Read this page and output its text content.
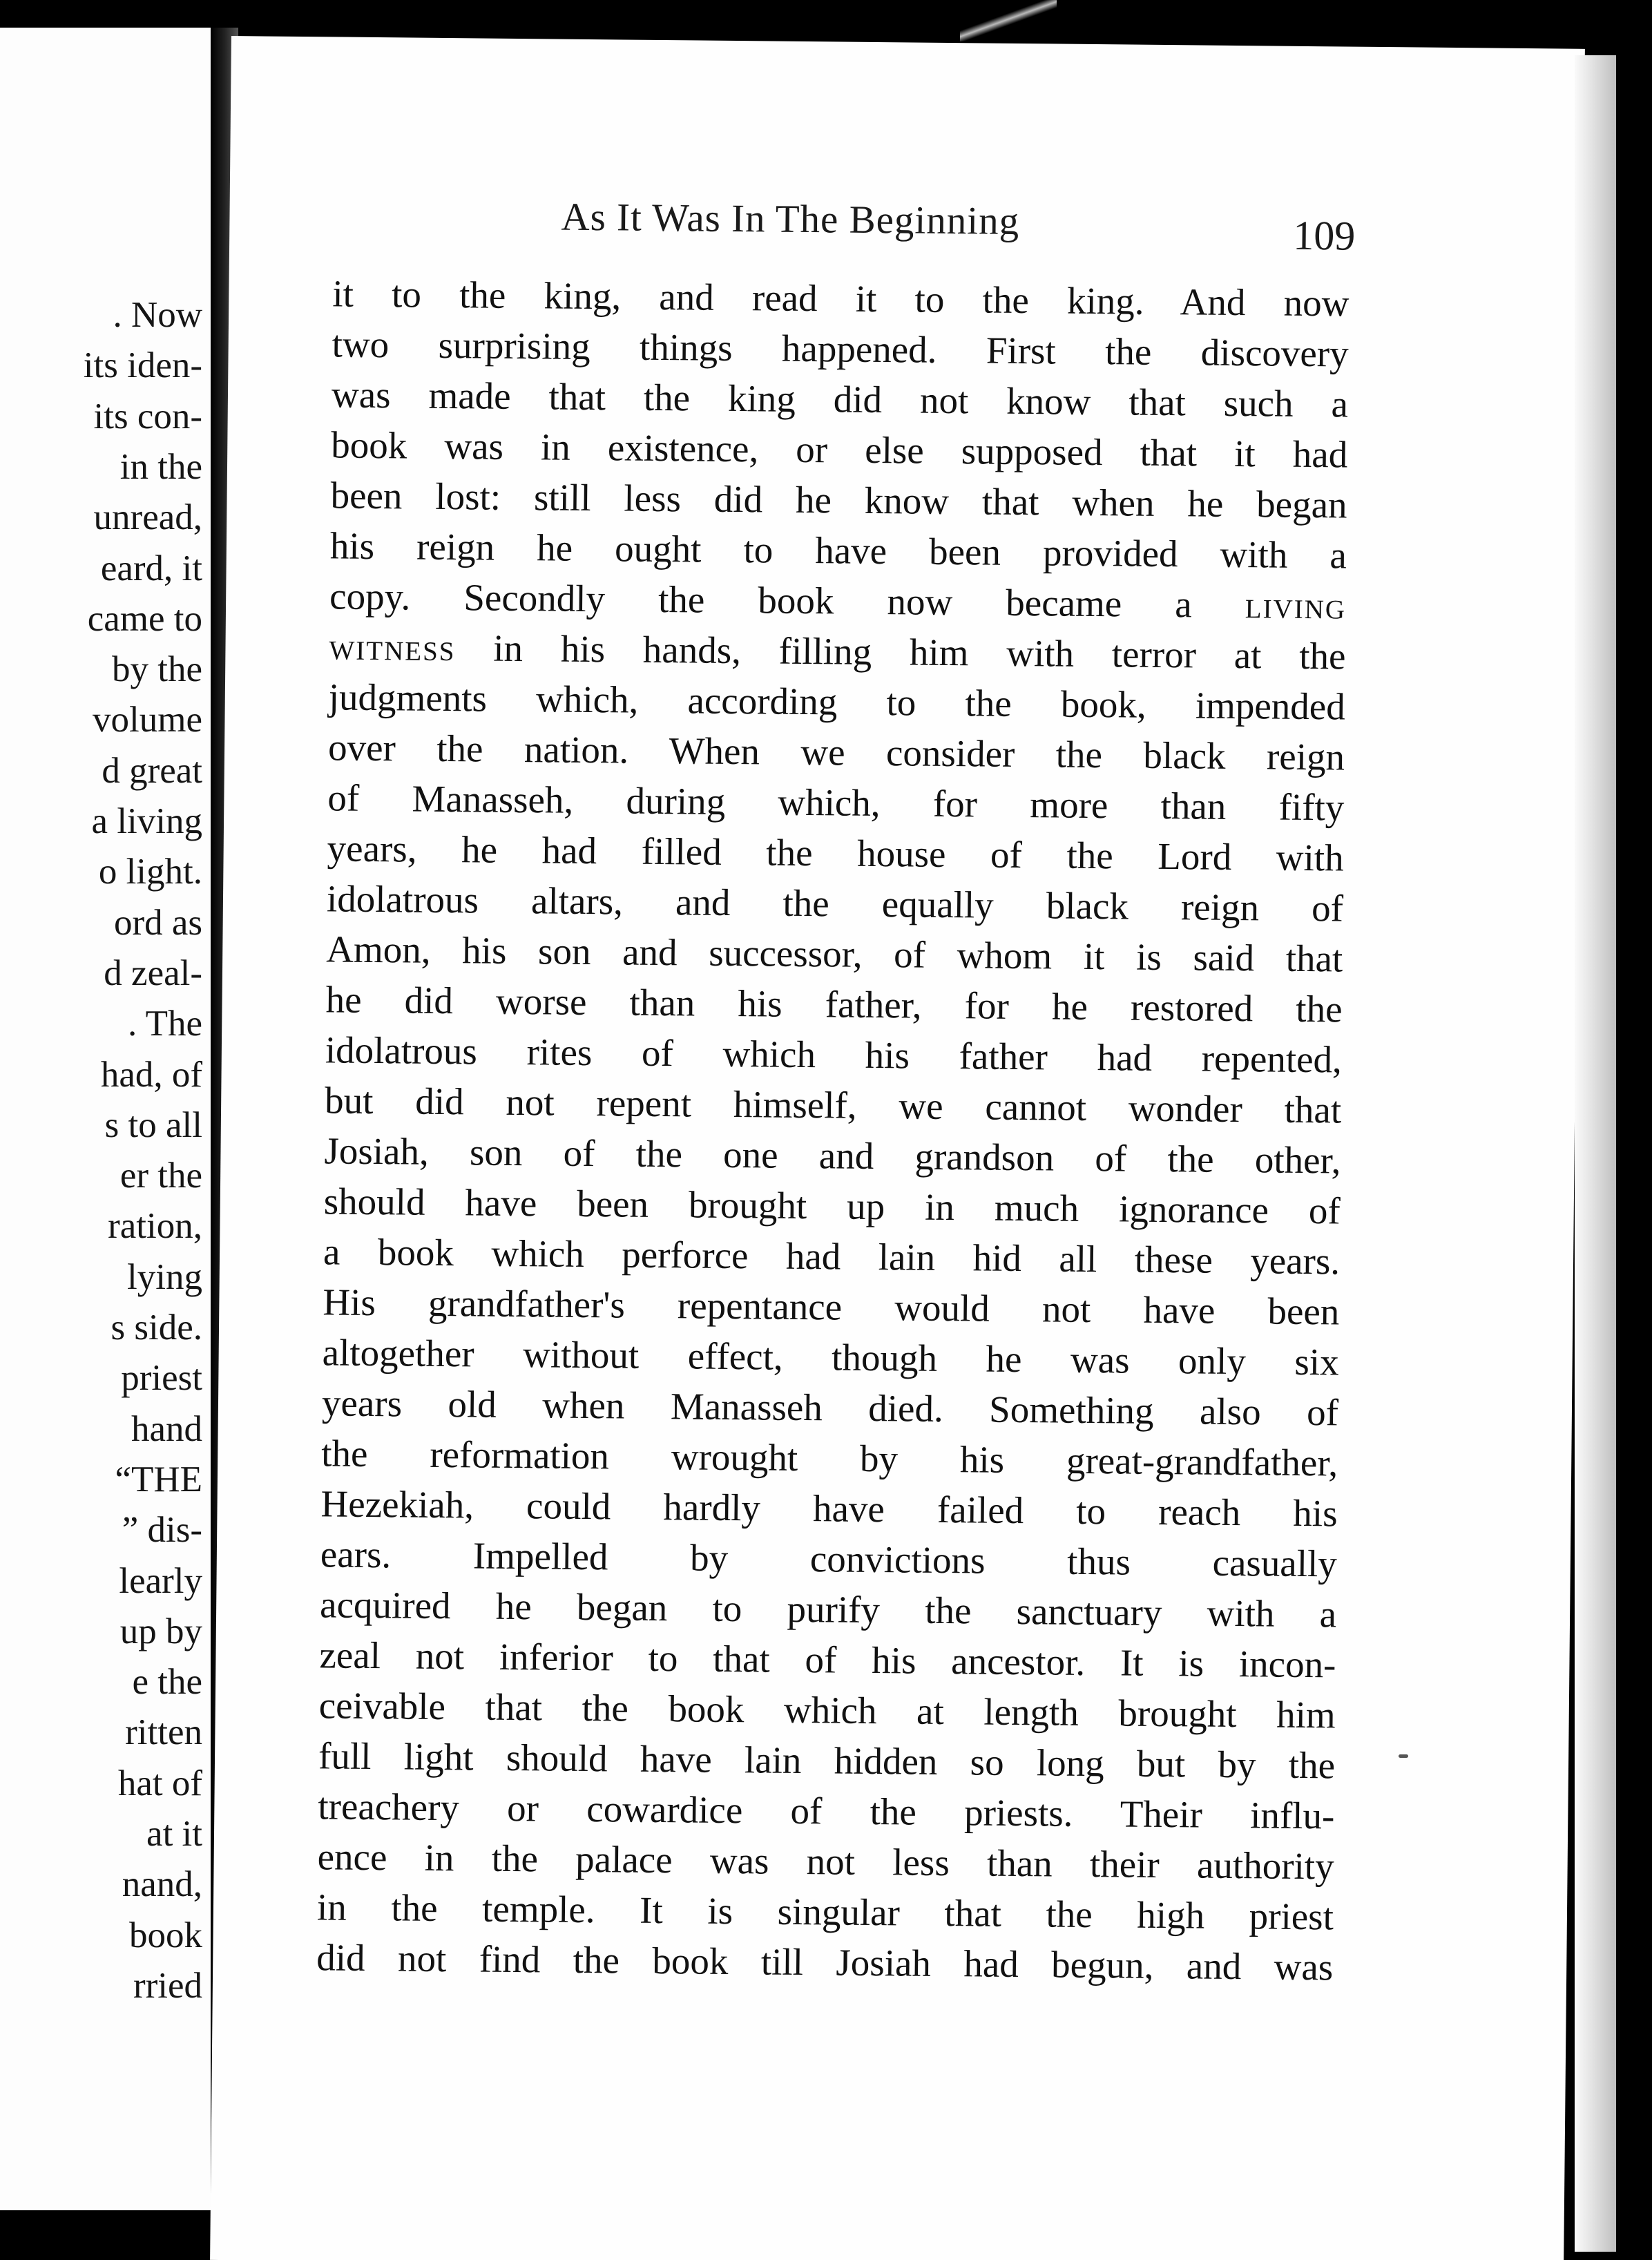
. Now
its iden-
its con-
in the
unread,
eard, it
came to
by the
volume
d great
a living
o light.
ord as
d zeal-
. The
had, of
s to all
er the
ration,
lying
s side.
priest
hand
“THE
” dis-
learly
up by
e the
ritten
hat of
at it
nand,
book
rried
As It Was In The Beginning	109
it to the king, and read it to the king. And now
two surprising things happened. First the discovery
was made that the king did not know that such a
book was in existence, or else supposed that it had
been lost: still less did he know that when he began
his reign he ought to have been provided with a
copy. Secondly the book now became a living
witness in his hands, filling him with terror at the
judgments which, according to the book, impended
over the nation. When we consider the black reign
of Manasseh, during which, for more than fifty
years, he had filled the house of the Lord with
idolatrous altars, and the equally black reign of
Amon, his son and successor, of whom it is said that
he did worse than his father, for he restored the
idolatrous rites of which his father had repented,
but did not repent himself, we cannot wonder that
Josiah, son of the one and grandson of the other,
should have been brought up in much ignorance of
a book which perforce had lain hid all these years.
His grandfather's repentance would not have been
altogether without effect, though he was only six
years old when Manasseh died. Something also of
the reformation wrought by his great-grandfather,
Hezekiah, could hardly have failed to reach his
ears. Impelled by convictions thus casually
acquired he began to purify the sanctuary with a
zeal not inferior to that of his ancestor. It is incon-
ceivable that the book which at length brought him
full light should have lain hidden so long but by the
treachery or cowardice of the priests. Their influ-
ence in the palace was not less than their authority
in the temple. It is singular that the high priest
did not find the book till Josiah had begun, and was
